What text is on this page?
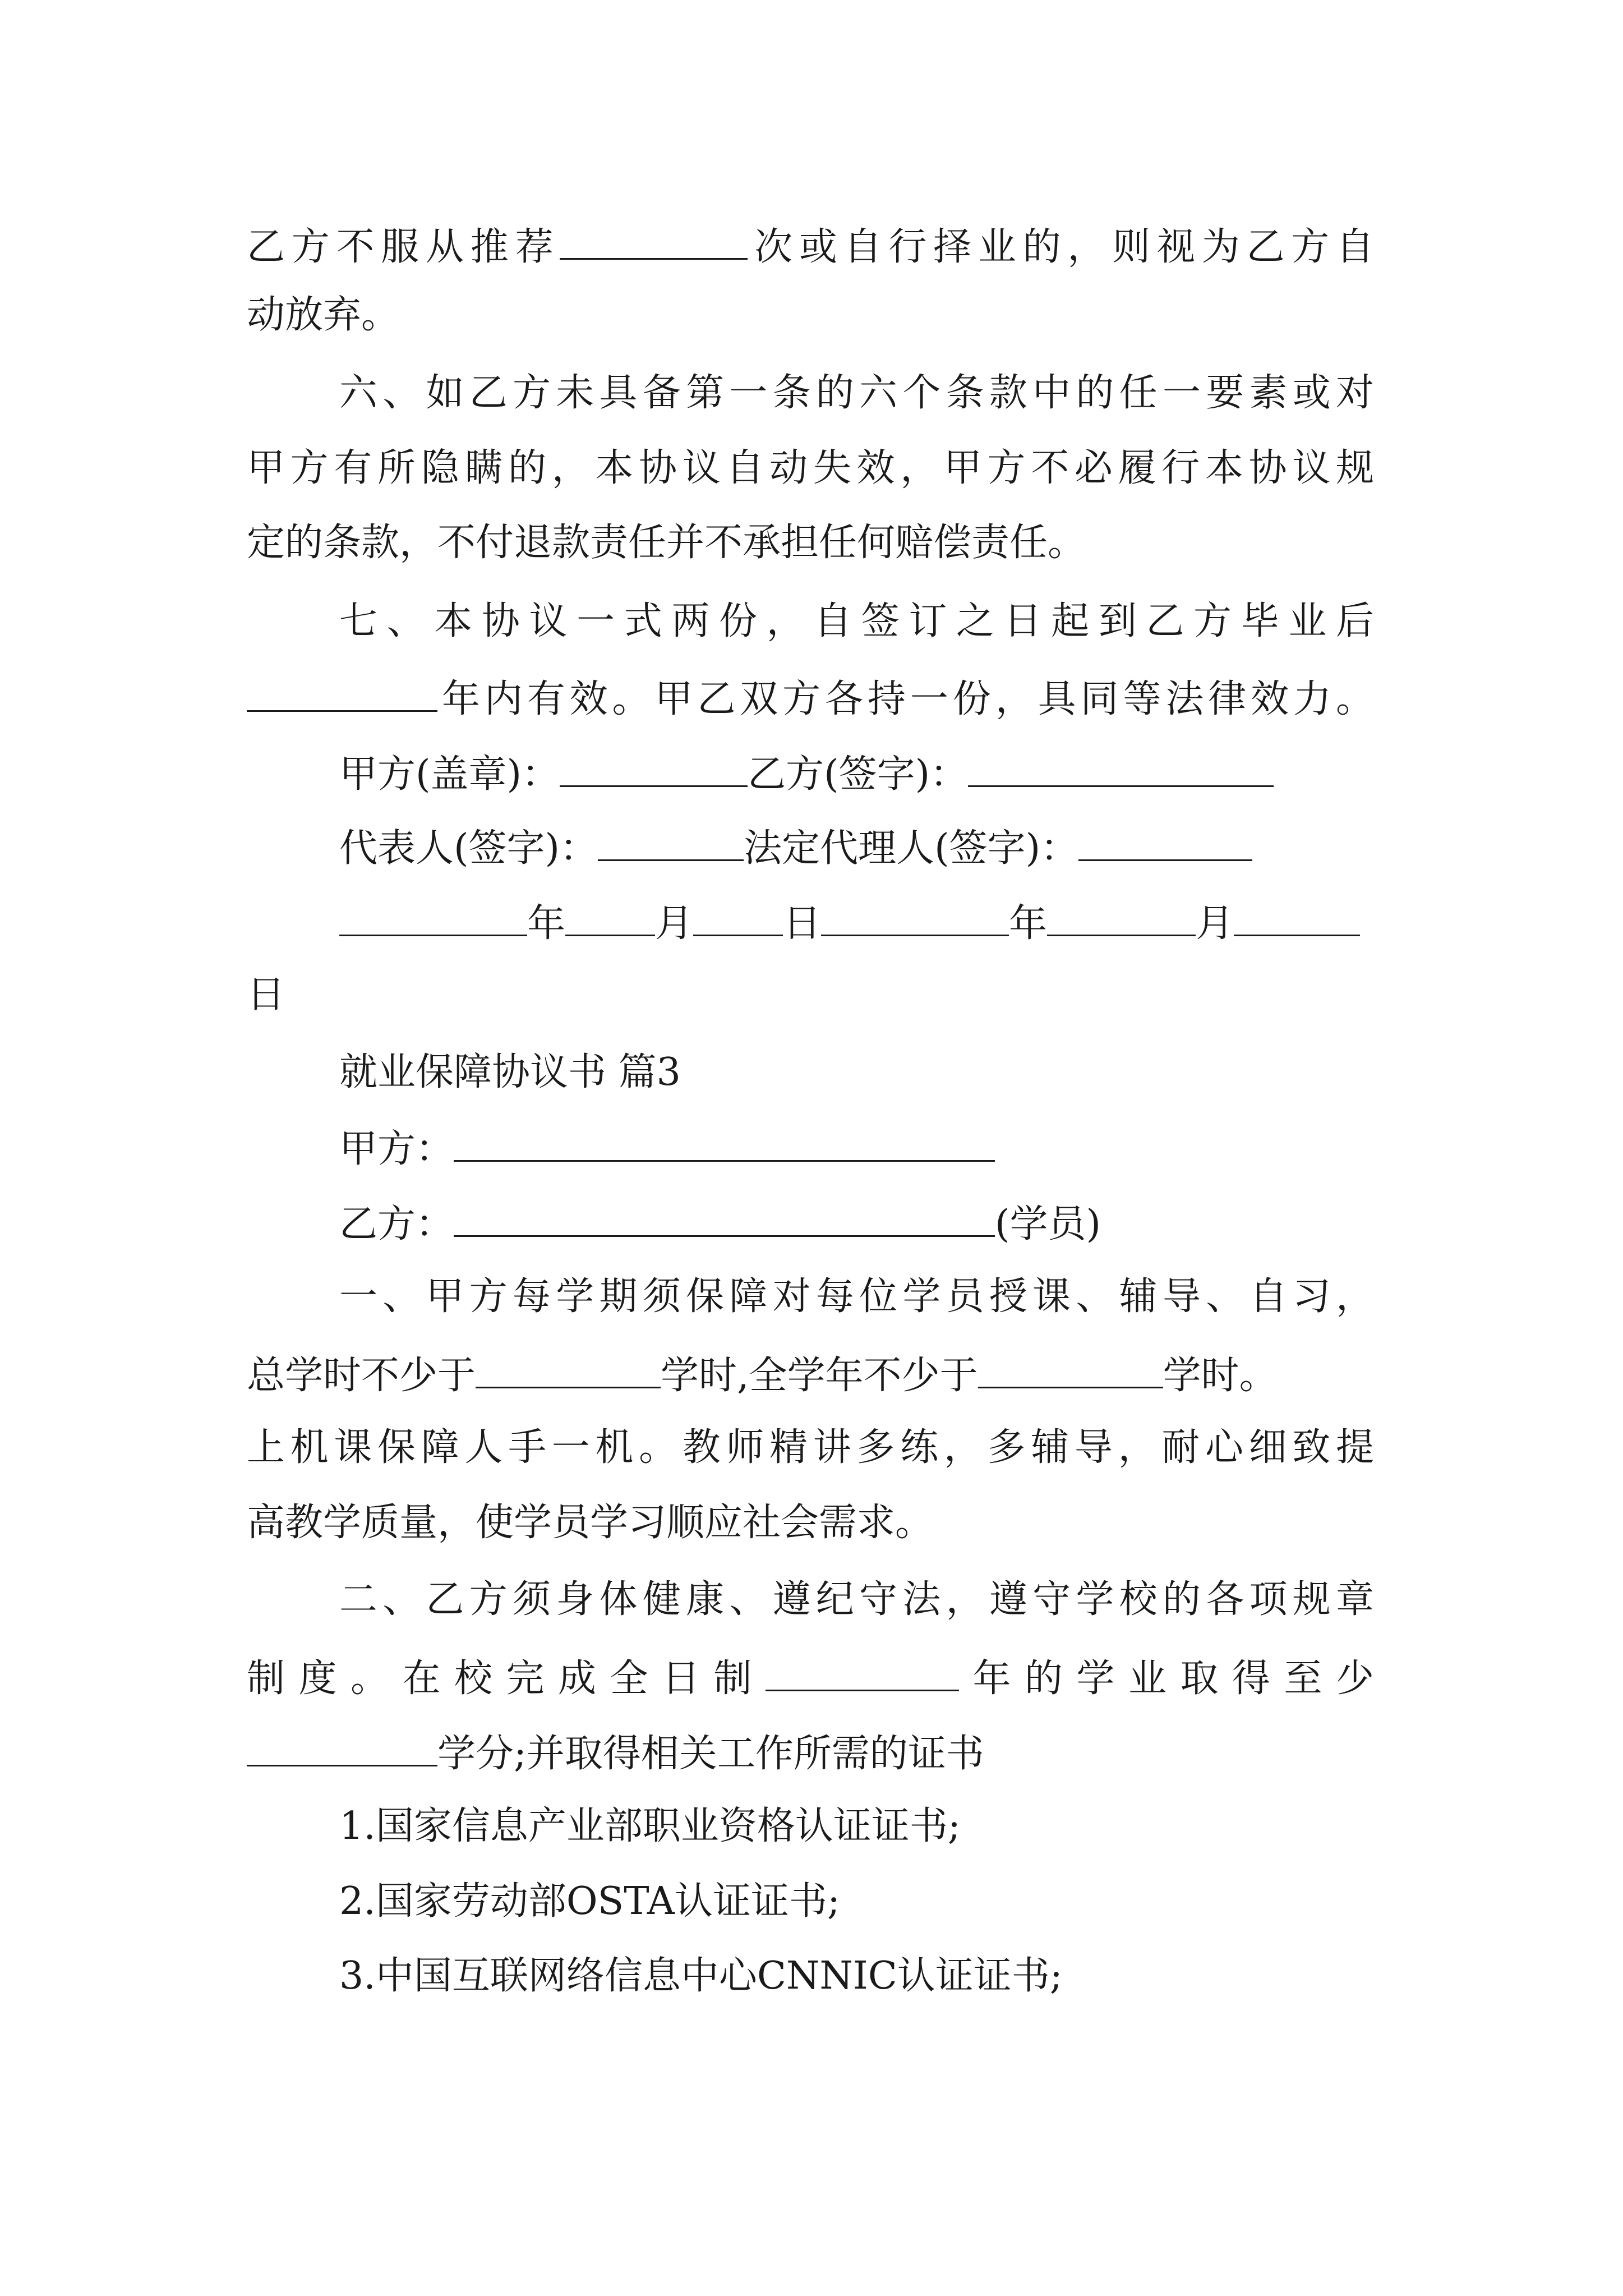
乙方不服从推荐	次或自行择业的，则视为乙方自
动放弃。
六、如乙方未具备第一条的六个条款中的任一要素或对
甲方有所隐瞒的，本协议自动失效，甲方不必履行本协议规
定的条款，不付退款责任并不承担任何赔偿责任。
七、本协议一式两份，自签订之日起到乙方毕业后
年内有效。甲乙双方各持一份，具同等法律效力。
甲方(盖章)：	乙方(签字)：
代表人(签字)：	法定代理人(签字)：
年 月 日	年	月
日
就业保障协议书 篇3
甲方：
乙方：	(学员)
一、甲方每学期须保障对每位学员授课、辅导、自习，
总学时不少于	学时,全学年不少于	学时。
上机课保障人手一机。教师精讲多练，多辅导，耐心细致提
高教学质量，使学员学习顺应社会需求。
二、乙方须身体健康、遵纪守法，遵守学校的各项规章
制度。在校完成全日制	年的学业取得至少
学分;并取得相关工作所需的证书
1.国家信息产业部职业资格认证证书;
2.国家劳动部OSTA认证证书;
3.中国互联网络信息中心CNNIC认证证书;
